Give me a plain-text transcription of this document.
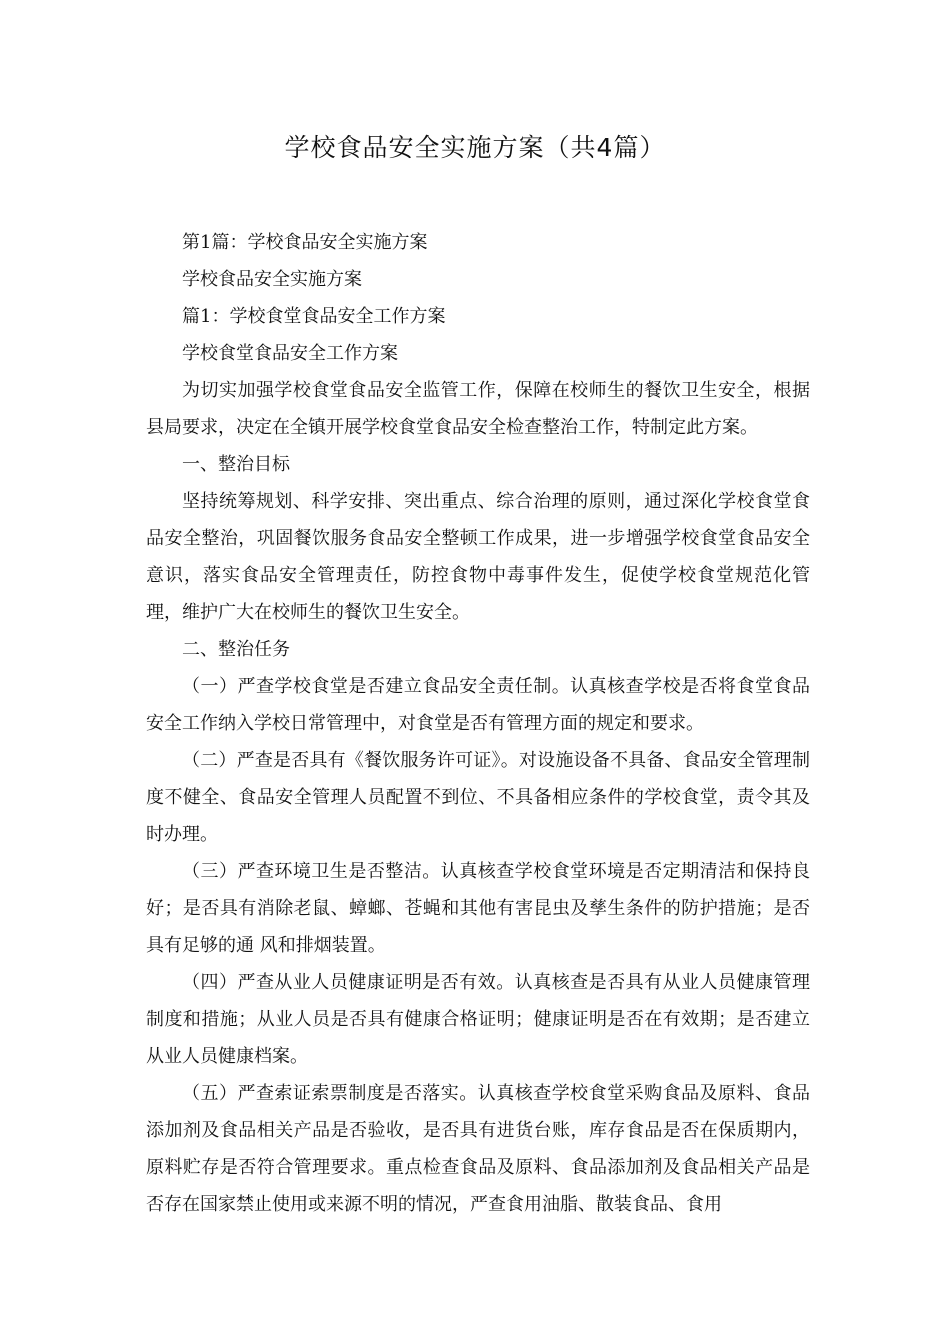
学校食品安全实施方案（共4篇）

第1篇：学校食品安全实施方案

学校食品安全实施方案

篇1：学校食堂食品安全工作方案

学校食堂食品安全工作方案

为切实加强学校食堂食品安全监管工作，保障在校师生的餐饮卫生安全，根据县局要求，决定在全镇开展学校食堂食品安全检查整治工作，特制定此方案。

一、整治目标

坚持统筹规划、科学安排、突出重点、综合治理的原则，通过深化学校食堂食品安全整治，巩固餐饮服务食品安全整顿工作成果，进一步增强学校食堂食品安全意识，落实食品安全管理责任，防控食物中毒事件发生，促使学校食堂规范化管理，维护广大在校师生的餐饮卫生安全。

二、整治任务

（一）严查学校食堂是否建立食品安全责任制。认真核查学校是否将食堂食品安全工作纳入学校日常管理中，对食堂是否有管理方面的规定和要求。

（二）严查是否具有《餐饮服务许可证》。对设施设备不具备、食品安全管理制度不健全、食品安全管理人员配置不到位、不具备相应条件的学校食堂，责令其及时办理。

（三）严查环境卫生是否整洁。认真核查学校食堂环境是否定期清洁和保持良好；是否具有消除老鼠、蟑螂、苍蝇和其他有害昆虫及孳生条件的防护措施；是否具有足够的通 风和排烟装置。

（四）严查从业人员健康证明是否有效。认真核查是否具有从业人员健康管理制度和措施；从业人员是否具有健康合格证明；健康证明是否在有效期；是否建立从业人员健康档案。

（五）严查索证索票制度是否落实。认真核查学校食堂采购食品及原料、食品添加剂及食品相关产品是否验收，是否具有进货台账，库存食品是否在保质期内，原料贮存是否符合管理要求。重点检查食品及原料、食品添加剂及食品相关产品是否存在国家禁止使用或来源不明的情况，严查食用油脂、散装食品、食用
